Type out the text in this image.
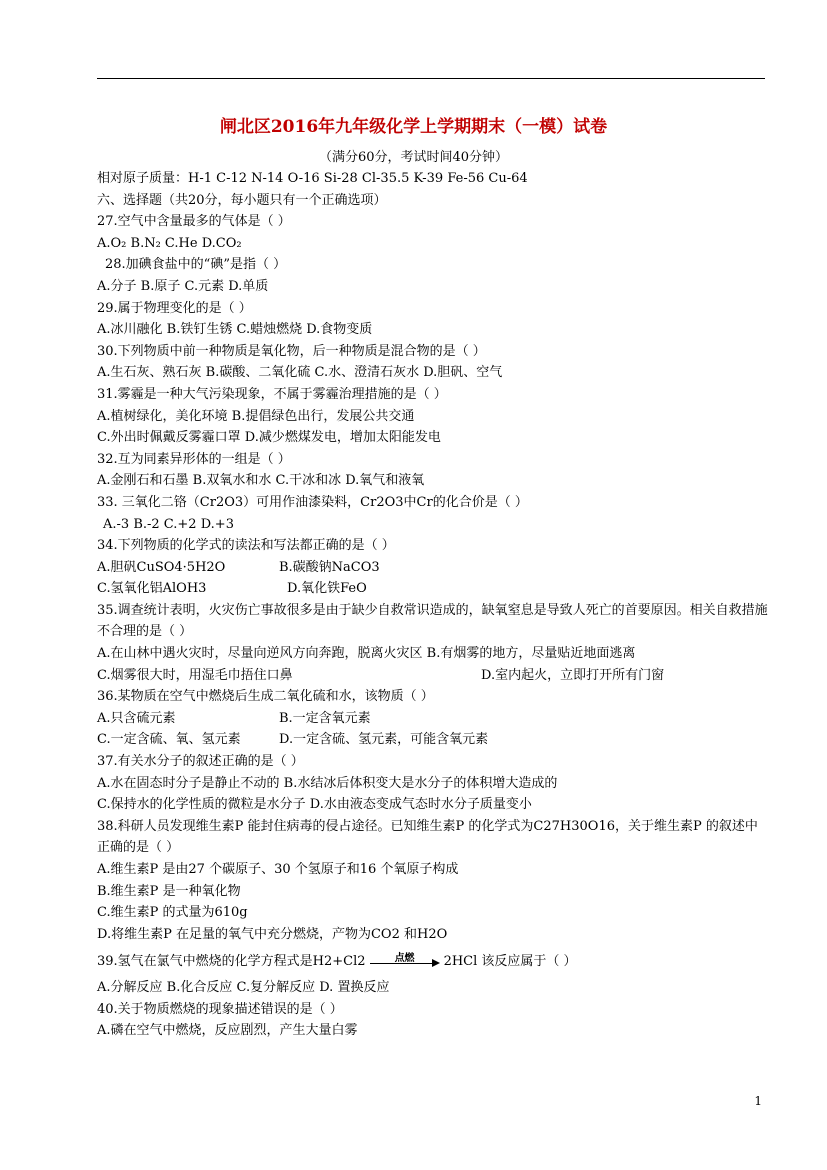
闸北区2016年九年级化学上学期期末（一模）试卷
（满分60分，考试时间40分钟）
相对原子质量：H-1 C-12 N-14 O-16 Si-28 Cl-35.5 K-39 Fe-56 Cu-64
六、选择题（共20分，每小题只有一个正确选项）
27.空气中含量最多的气体是（ ）
A.O₂ B.N₂ C.He D.CO₂
28.加碘食盐中的“碘”是指（ ）
A.分子 B.原子 C.元素 D.单质
29.属于物理变化的是（ ）
A.冰川融化 B.铁钉生锈 C.蜡烛燃烧 D.食物变质
30.下列物质中前一种物质是氧化物，后一种物质是混合物的是（ ）
A.生石灰、熟石灰 B.碳酸、二氧化硫 C.水、澄清石灰水 D.胆矾、空气
31.雾霾是一种大气污染现象，不属于雾霾治理措施的是（ ）
A.植树绿化，美化环境 B.提倡绿色出行，发展公共交通
C.外出时佩戴反雾霾口罩 D.减少燃煤发电，增加太阳能发电
32.互为同素异形体的一组是（ ）
A.金刚石和石墨 B.双氧水和水 C.干冰和冰 D.氧气和液氧
33. 三氧化二铬（Cr2O3）可用作油漆染料，Cr2O3中Cr的化合价是（ ）
A.-3 B.-2 C.+2 D.+3
34.下列物质的化学式的读法和写法都正确的是（ ）
A.胆矾CuSO4·5H2O	B.碳酸钠NaCO3
C.氢氧化铝AlOH3	D.氧化铁FeO
35.调查统计表明，火灾伤亡事故很多是由于缺少自救常识造成的，缺氧窒息是导致人死亡的首要原因。相关自救措施不合理的是（ ）
A.在山林中遇火灾时，尽量向逆风方向奔跑，脱离火灾区 B.有烟雾的地方，尽量贴近地面逃离
C.烟雾很大时，用湿毛巾捂住口鼻	D.室内起火，立即打开所有门窗
36.某物质在空气中燃烧后生成二氧化硫和水，该物质（ ）
A.只含硫元素	B.一定含氧元素
C.一定含硫、氧、氢元素	D.一定含硫、氢元素，可能含氧元素
37.有关水分子的叙述正确的是（ ）
A.水在固态时分子是静止不动的 B.水结冰后体积变大是水分子的体积增大造成的
C.保持水的化学性质的微粒是水分子 D.水由液态变成气态时水分子质量变小
38.科研人员发现维生素P 能封住病毒的侵占途径。已知维生素P 的化学式为C27H30O16，关于维生素P 的叙述中正确的是（ ）
A.维生素P 是由27 个碳原子、30 个氢原子和16 个氧原子构成
B.维生素P 是一种氧化物
C.维生素P 的式量为610g
D.将维生素P 在足量的氧气中充分燃烧，产物为CO2 和H2O
39.氢气在氯气中燃烧的化学方程式是H2+Cl2	点燃	2HCl 该反应属于（ ）
A.分解反应 B.化合反应 C.复分解反应 D. 置换反应
40.关于物质燃烧的现象描述错误的是（ ）
A.磷在空气中燃烧，反应剧烈，产生大量白雾
1
